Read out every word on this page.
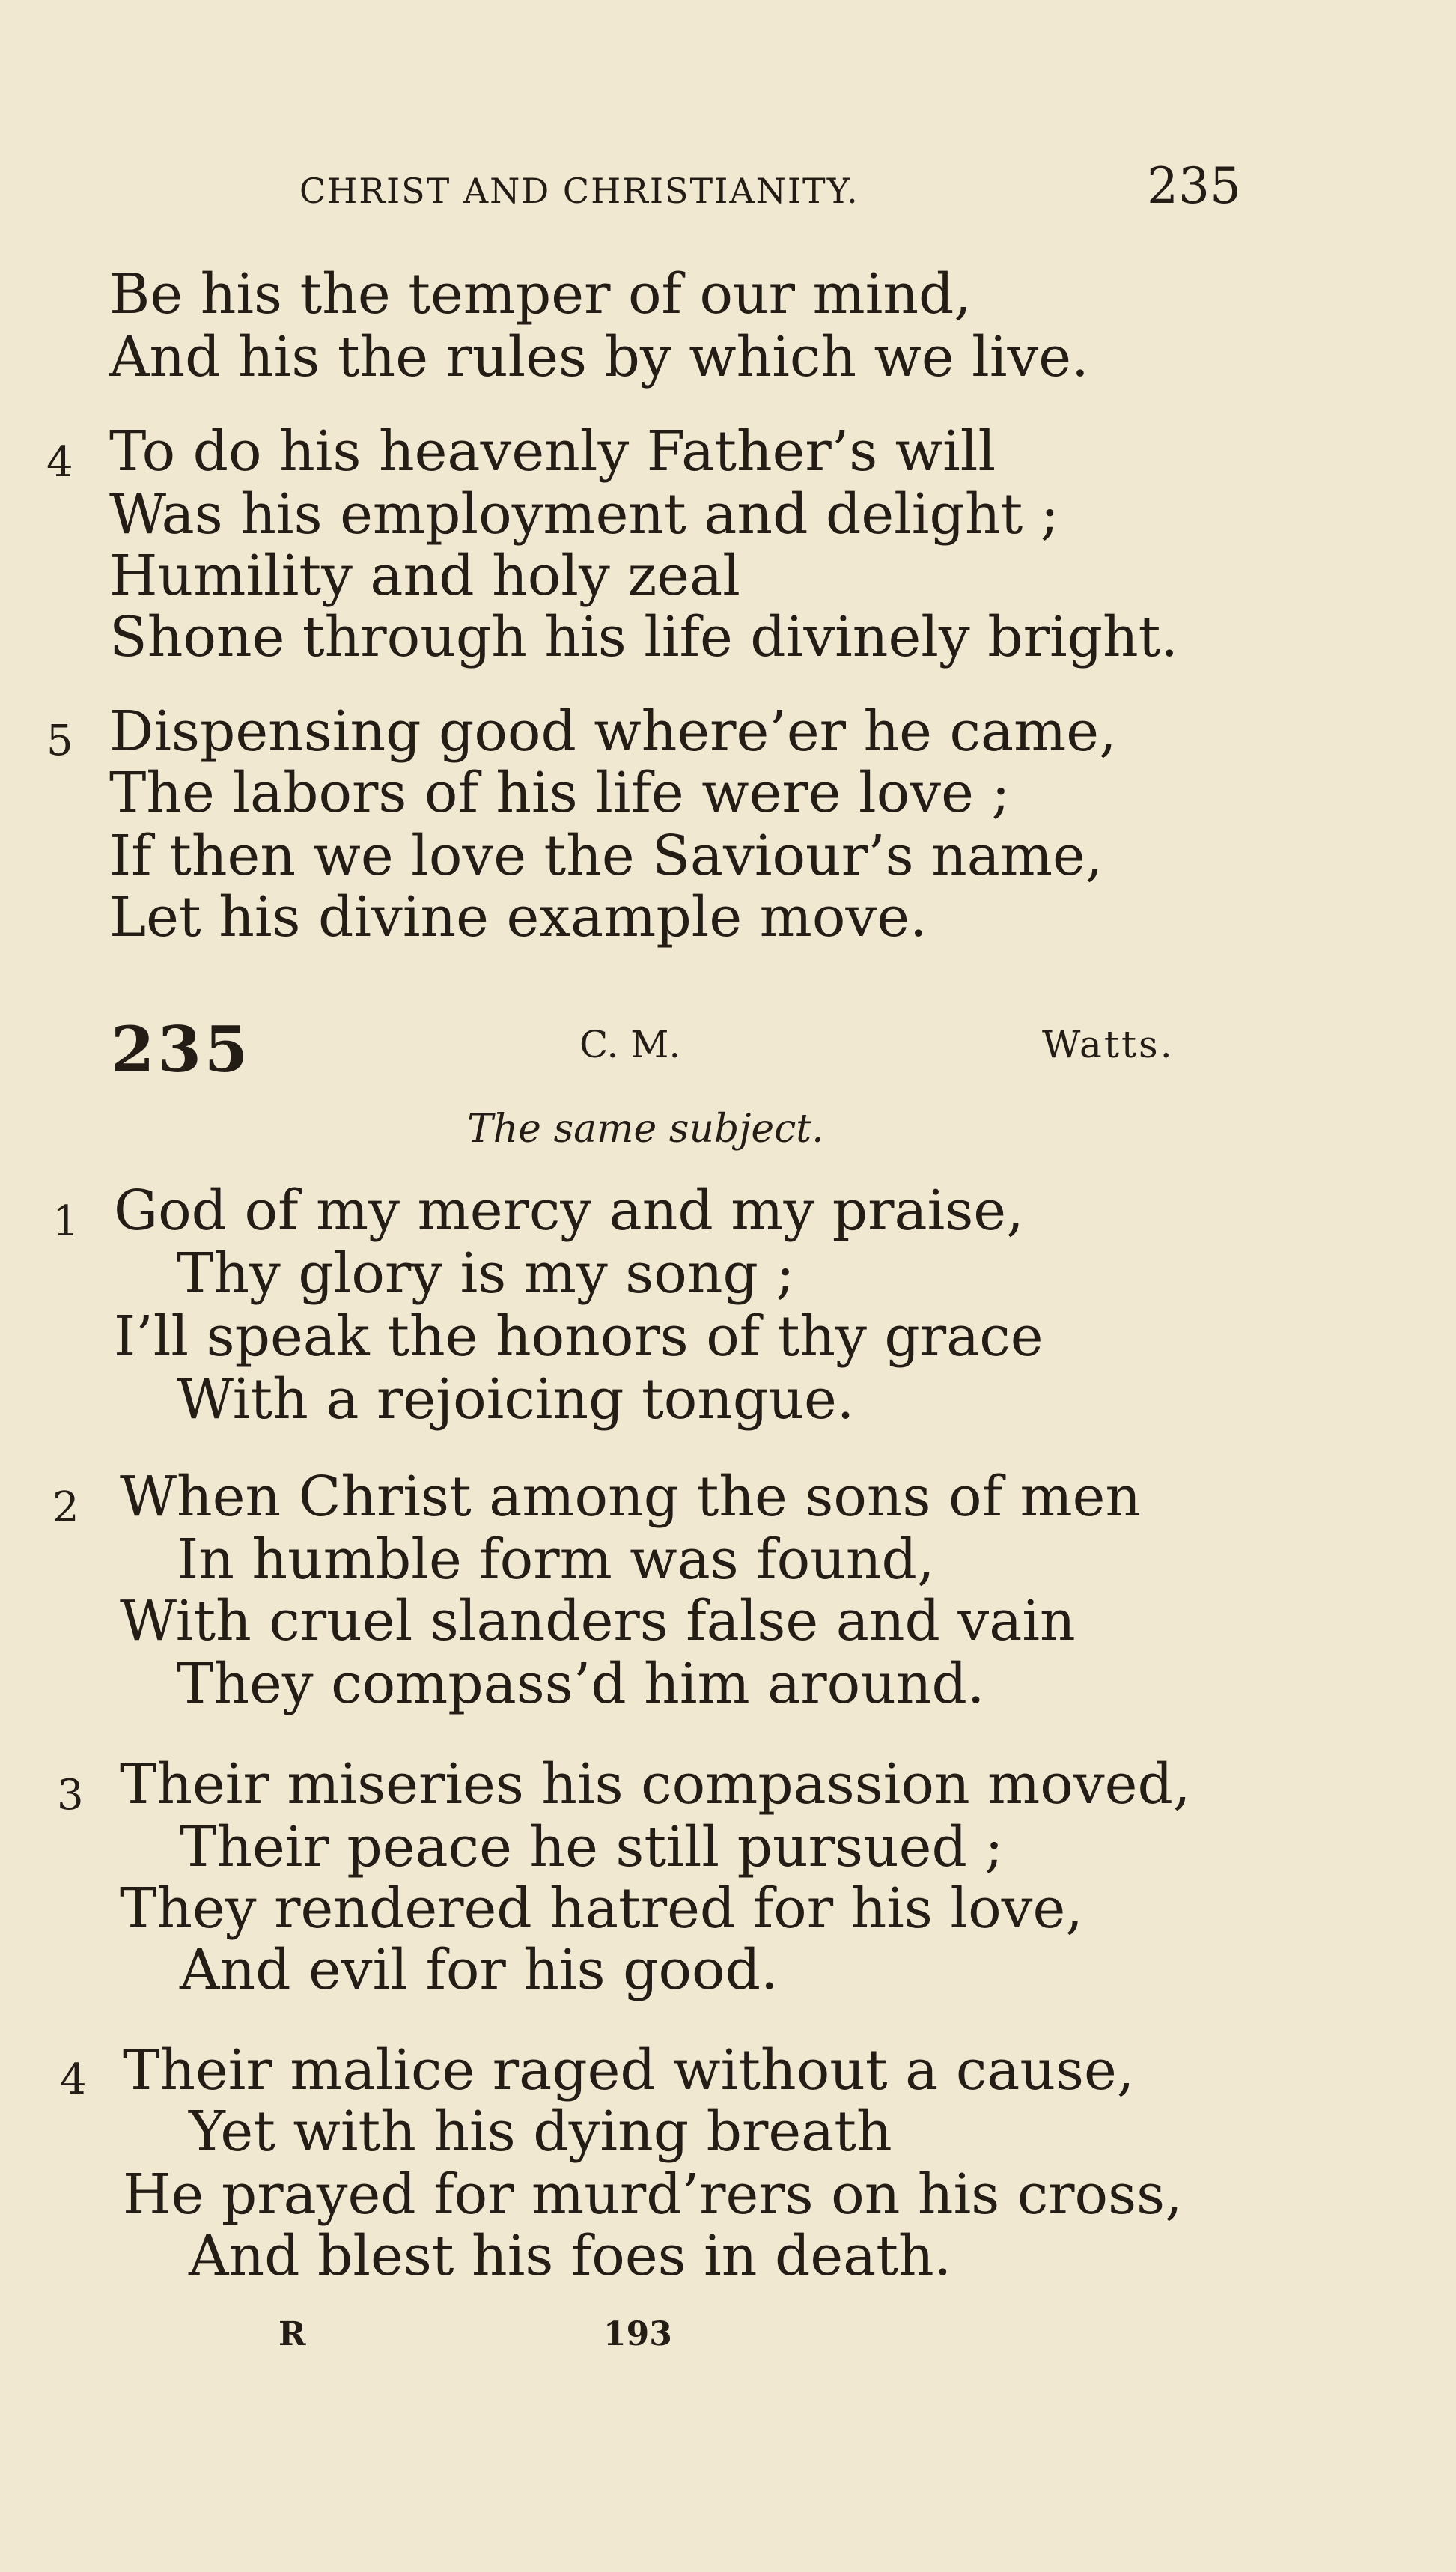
CHRIST AND CHRISTIANITY.	235
Be his the temper of our mind,
And his the rules by which we live.
4 To do his heavenly Father’s will
Was his employment and delight ;
Humility and holy zeal
Shone through his life divinely bright.
5 Dispensing good where’er he came,
The labors of his life were love ;
If then we love the Saviour’s name,
Let his divine example move.
235	C. M.	Watts.
The same subject.
1 God of my mercy and my praise,
Thy glory is my song ;
I’ll speak the honors of thy grace
With a rejoicing tongue.
2 When Christ among the sons of men
In humble form was found,
With cruel slanders false and vain
They compass’d him around.
3 Their miseries his compassion moved,
Their peace he still pursued ;
They rendered hatred for his love,
And evil for his good.
4 Their malice raged without a cause,
Yet with his dying breath
He prayed for murd’rers on his cross,
And blest his foes in death.
R	193
